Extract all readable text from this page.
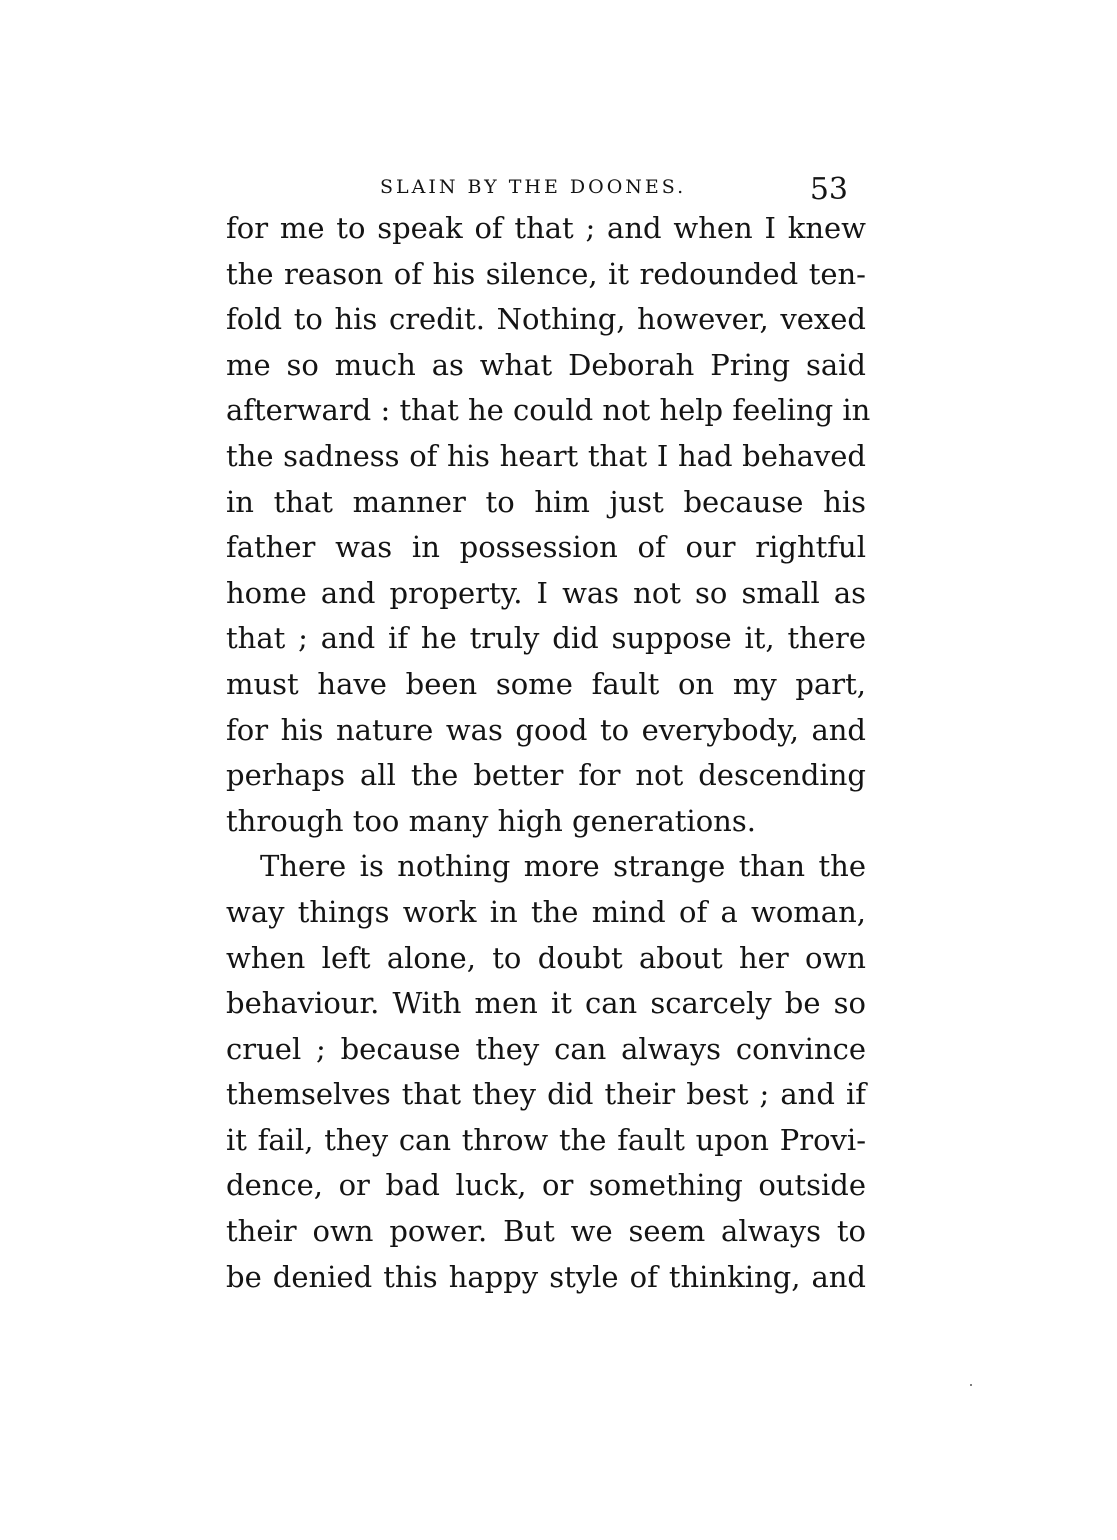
SLAIN BY THE DOONES.	53
for me to speak of that ; and when I knew
the reason of his silence, it redounded ten-
fold to his credit. Nothing, however, vexed
me so much as what Deborah Pring said
afterward : that he could not help feeling in
the sadness of his heart that I had behaved
in that manner to him just because his
father was in possession of our rightful
home and property. I was not so small as
that ; and if he truly did suppose it, there
must have been some fault on my part,
for his nature was good to everybody, and
perhaps all the better for not descending
through too many high generations.
There is nothing more strange than the
way things work in the mind of a woman,
when left alone, to doubt about her own
behaviour. With men it can scarcely be so
cruel ; because they can always convince
themselves that they did their best ; and if
it fail, they can throw the fault upon Provi-
dence, or bad luck, or something outside
their own power. But we seem always to
be denied this happy style of thinking, and
